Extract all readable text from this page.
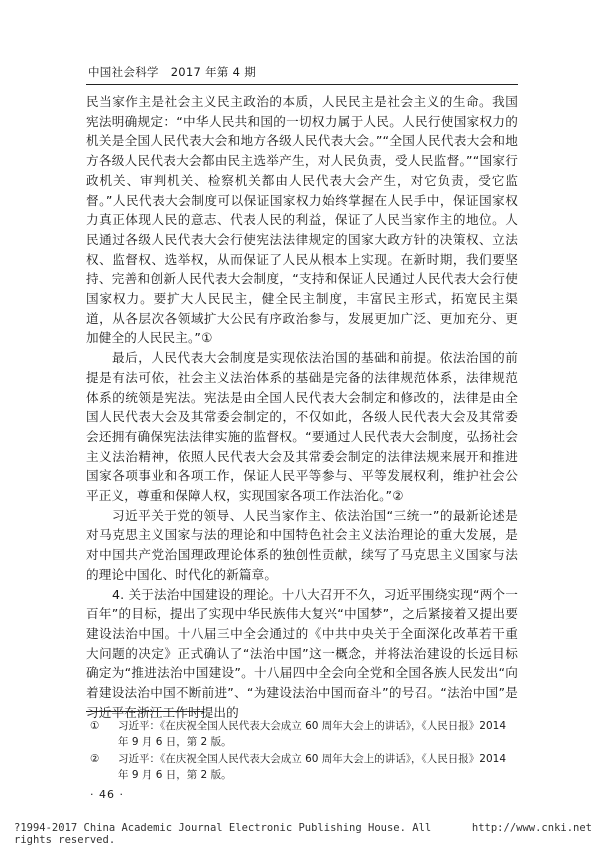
中国社会科学 2017 年第 4 期

民当家作主是社会主义民主政治的本质，人民民主是社会主义的生命。我国宪法明确规定：“中华人民共和国的一切权力属于人民。人民行使国家权力的机关是全国人民代表大会和地方各级人民代表大会。”“全国人民代表大会和地方各级人民代表大会都由民主选举产生，对人民负责，受人民监督。”“国家行政机关、审判机关、检察机关都由人民代表大会产生，对它负责，受它监督。”人民代表大会制度可以保证国家权力始终掌握在人民手中，保证国家权力真正体现人民的意志、代表人民的利益，保证了人民当家作主的地位。人民通过各级人民代表大会行使宪法法律规定的国家大政方针的决策权、立法权、监督权、选举权，从而保证了人民从根本上实现。在新时期，我们要坚持、完善和创新人民代表大会制度，“支持和保证人民通过人民代表大会行使国家权力。要扩大人民民主，健全民主制度，丰富民主形式，拓宽民主渠道，从各层次各领域扩大公民有序政治参与，发展更加广泛、更加充分、更加健全的人民民主。”①

最后，人民代表大会制度是实现依法治国的基础和前提。依法治国的前提是有法可依，社会主义法治体系的基础是完备的法律规范体系，法律规范体系的统领是宪法。宪法是由全国人民代表大会制定和修改的，法律是由全国人民代表大会及其常委会制定的，不仅如此，各级人民代表大会及其常委会还拥有确保宪法法律实施的监督权。“要通过人民代表大会制度，弘扬社会主义法治精神，依照人民代表大会及其常委会制定的法律法规来展开和推进国家各项事业和各项工作，保证人民平等参与、平等发展权利，维护社会公平正义，尊重和保障人权，实现国家各项工作法治化。”②

习近平关于党的领导、人民当家作主、依法治国“三统一”的最新论述是对马克思主义国家与法的理论和中国特色社会主义法治理论的重大发展，是对中国共产党治国理政理论体系的独创性贡献，续写了马克思主义国家与法的理论中国化、时代化的新篇章。

4. 关于法治中国建设的理论。十八大召开不久，习近平围绕实现“两个一百年”的目标，提出了实现中华民族伟大复兴“中国梦”，之后紧接着又提出要建设法治中国。十八届三中全会通过的《中共中央关于全面深化改革若干重大问题的决定》正式确认了“法治中国”这一概念，并将法治建设的长远目标确定为“推进法治中国建设”。十八届四中全会向全党和全国各族人民发出“向着建设法治中国不断前进”、“为建设法治中国而奋斗”的号召。“法治中国”是习近平在浙江工作时提出的

①	习近平：《在庆祝全国人民代表大会成立 60 周年大会上的讲话》，《人民日报》2014 年 9 月 6 日，第 2 版。
②	习近平：《在庆祝全国人民代表大会成立 60 周年大会上的讲话》，《人民日报》2014 年 9 月 6 日，第 2 版。
· 46 ·
?1994-2017 China Academic Journal Electronic Publishing House. All rights reserved.
http://www.cnki.net
